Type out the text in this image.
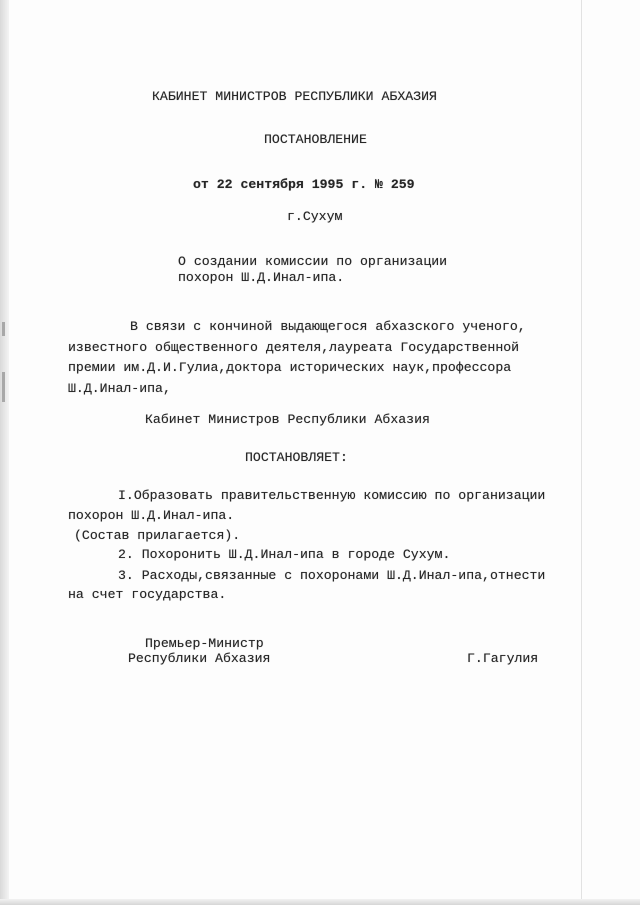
КАБИНЕТ МИНИСТРОВ РЕСПУБЛИКИ АБХАЗИЯ
ПОСТАНОВЛЕНИЕ
от 22 сентября 1995 г. № 259
г.Сухум
О создании комиссии по организации
похорон Ш.Д.Инал-ипа.
В связи с кончиной выдающегося абхазского ученого,
известного общественного деятеля,лауреата Государственной
премии им.Д.И.Гулиа,доктора исторических наук,профессора
Ш.Д.Инал-ипа,
Кабинет Министров Республики Абхазия
ПОСТАНОВЛЯЕТ:
I.Образовать правительственную комиссию по организации
похорон Ш.Д.Инал-ипа.
(Состав прилагается).
2. Похоронить Ш.Д.Инал-ипа в городе Сухум.
3. Расходы,связанные с похоронами Ш.Д.Инал-ипа,отнести
на счет государства.
Премьер-Министр
Республики Абхазия	Г.Гагулия
